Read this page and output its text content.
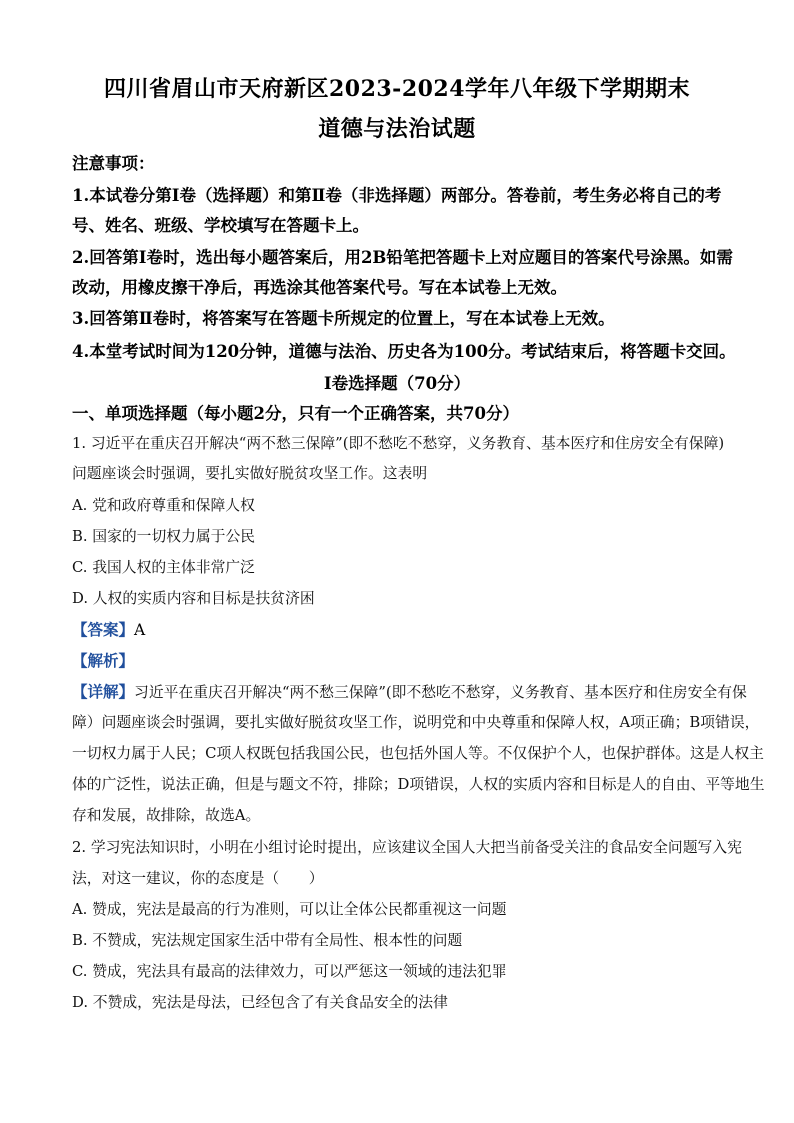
四川省眉山市天府新区2023-2024学年八年级下学期期末
道德与法治试题
注意事项：
1.本试卷分第Ⅰ卷（选择题）和第Ⅱ卷（非选择题）两部分。答卷前，考生务必将自己的考
号、姓名、班级、学校填写在答题卡上。
2.回答第Ⅰ卷时，选出每小题答案后，用2B铅笔把答题卡上对应题目的答案代号涂黑。如需
改动，用橡皮擦干净后，再选涂其他答案代号。写在本试卷上无效。
3.回答第Ⅱ卷时，将答案写在答题卡所规定的位置上，写在本试卷上无效。
4.本堂考试时间为120分钟，道德与法治、历史各为100分。考试结束后，将答题卡交回。
Ⅰ卷选择题（70分）
一、单项选择题（每小题2分，只有一个正确答案，共70分）
1. 习近平在重庆召开解决“两不愁三保障”(即不愁吃不愁穿，义务教育、基本医疗和住房安全有保障)
问题座谈会时强调，要扎实做好脱贫攻坚工作。这表明
A. 党和政府尊重和保障人权
B. 国家的一切权力属于公民
C. 我国人权的主体非常广泛
D. 人权的实质内容和目标是扶贫济困
【答案】A
【解析】
【详解】习近平在重庆召开解决“两不愁三保障”(即不愁吃不愁穿，义务教育、基本医疗和住房安全有保
障）问题座谈会时强调，要扎实做好脱贫攻坚工作，说明党和中央尊重和保障人权，A项正确；B项错误，
一切权力属于人民；C项人权既包括我国公民，也包括外国人等。不仅保护个人，也保护群体。这是人权主
体的广泛性，说法正确，但是与题文不符，排除；D项错误，人权的实质内容和目标是人的自由、平等地生
存和发展，故排除，故选A。
2. 学习宪法知识时，小明在小组讨论时提出，应该建议全国人大把当前备受关注的食品安全问题写入宪
法，对这一建议，你的态度是（　　）
A. 赞成，宪法是最高的行为准则，可以让全体公民都重视这一问题
B. 不赞成，宪法规定国家生活中带有全局性、根本性的问题
C. 赞成，宪法具有最高的法律效力，可以严惩这一领域的违法犯罪
D. 不赞成，宪法是母法，已经包含了有关食品安全的法律
